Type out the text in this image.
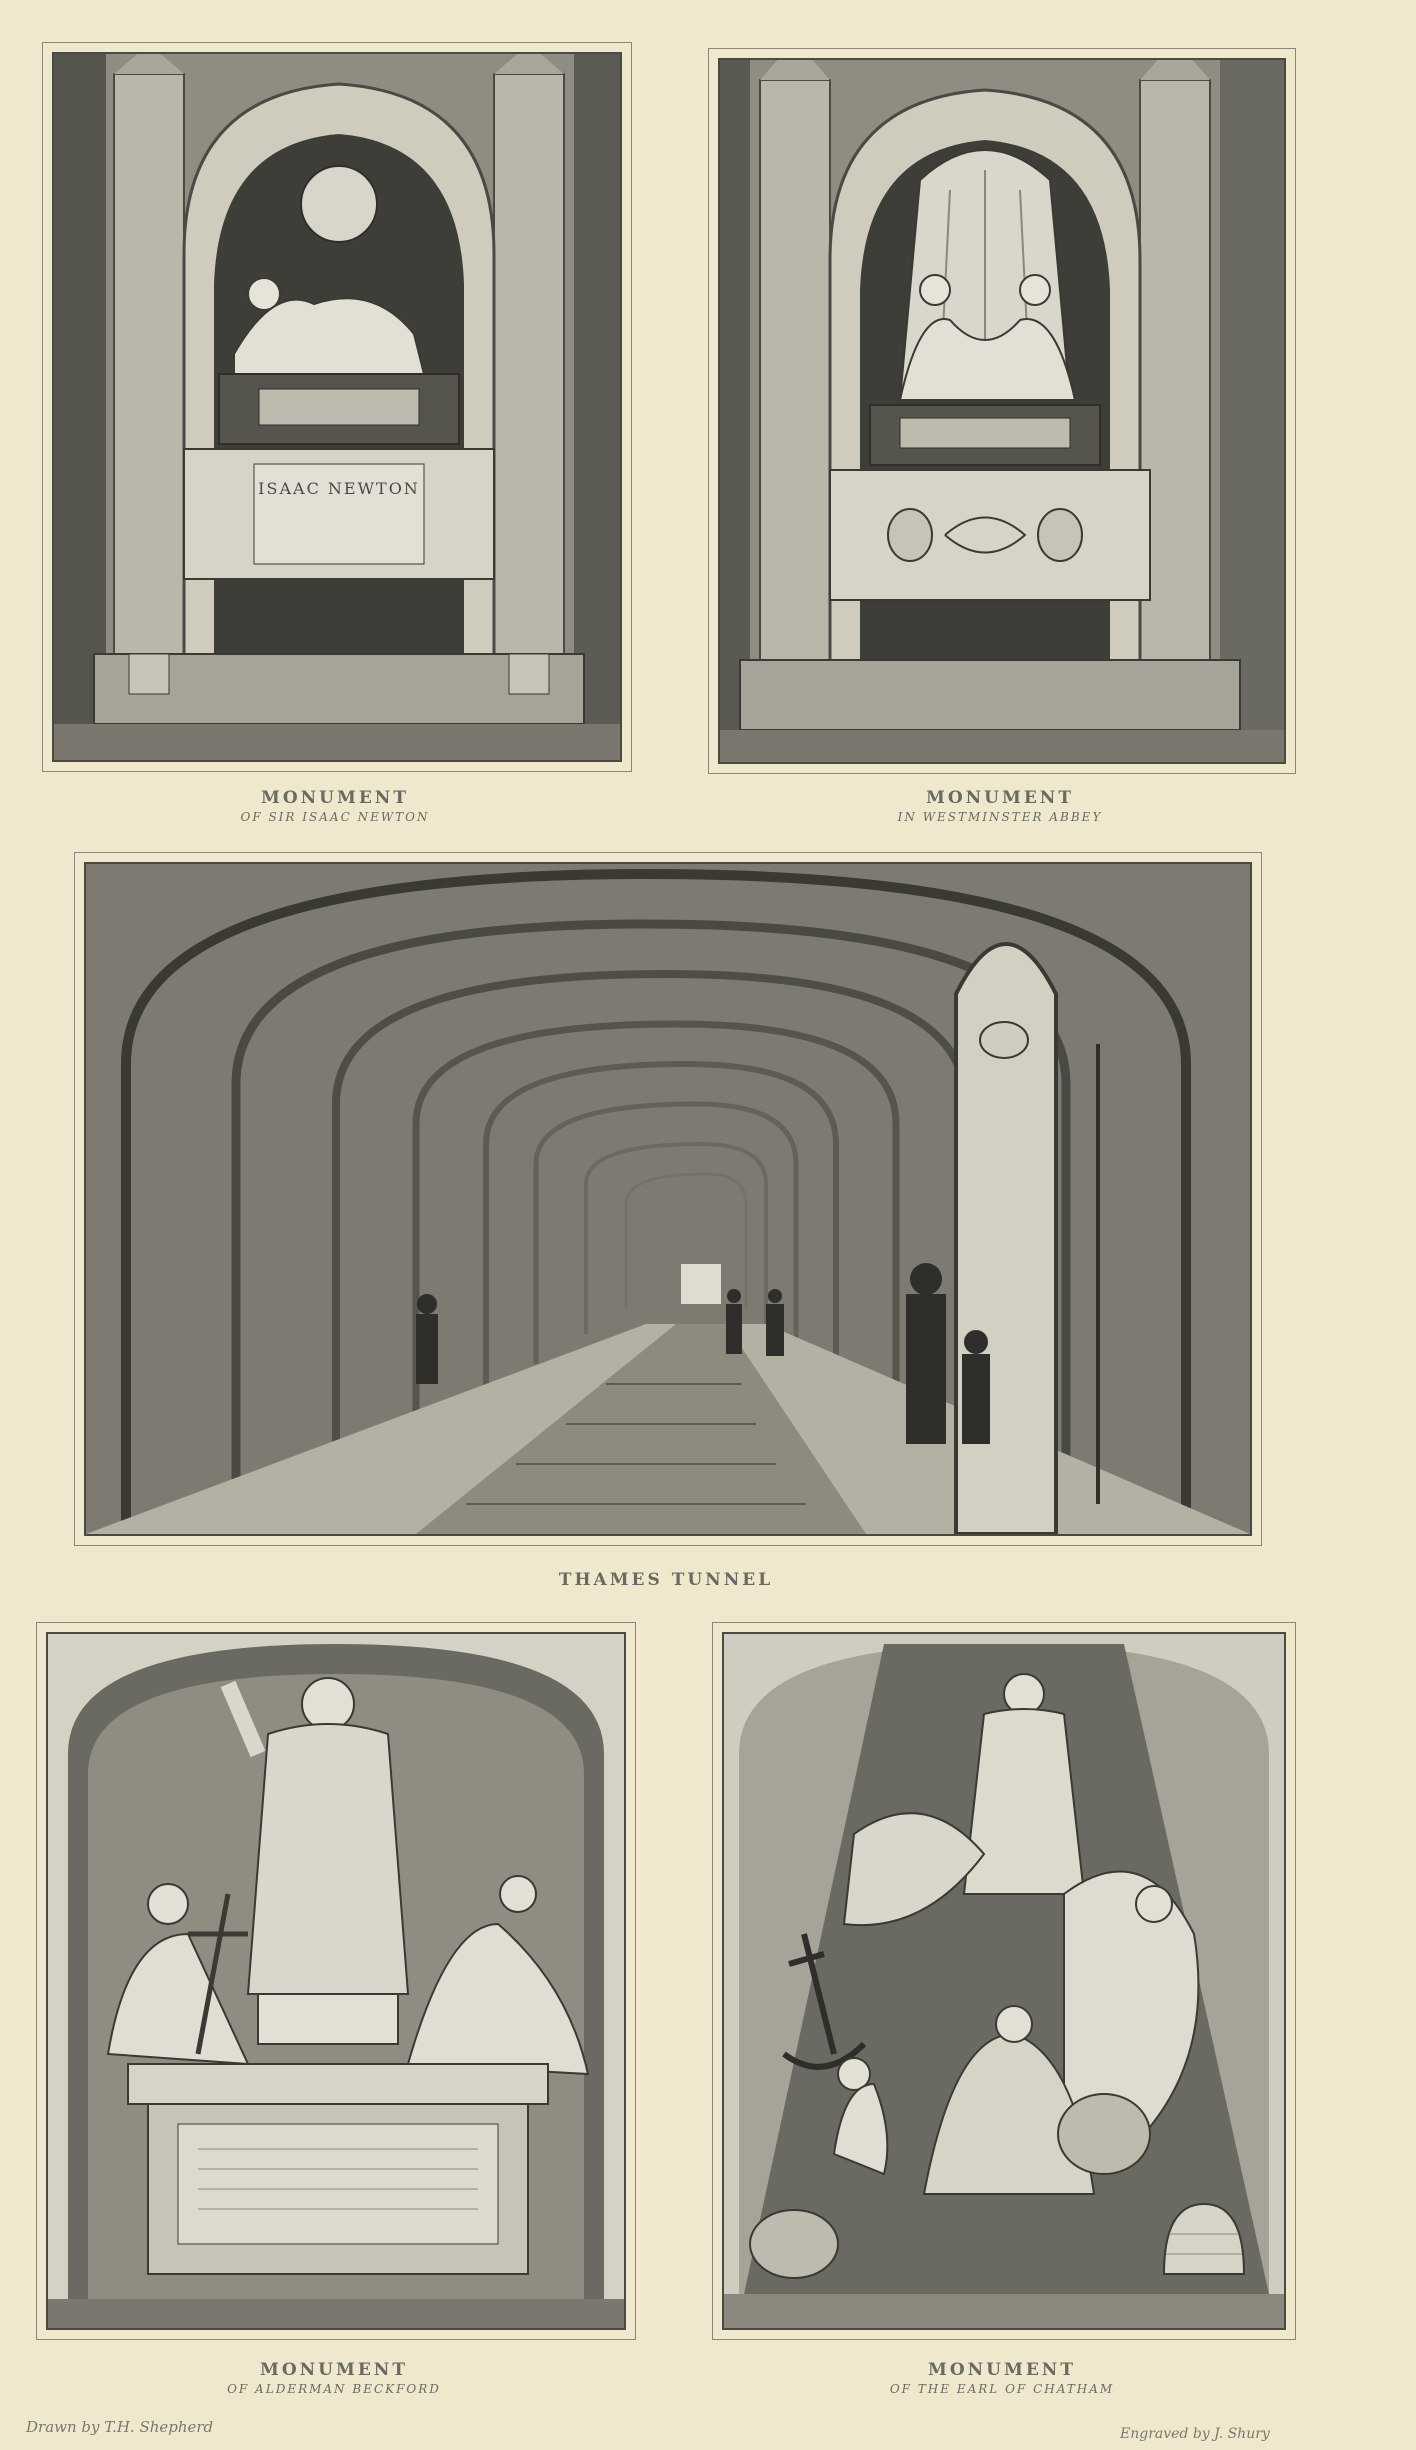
ISAAC NEWTON
MONUMENT
OF SIR ISAAC NEWTON
MONUMENT
IN WESTMINSTER ABBEY
THAMES TUNNEL
MONUMENT
OF ALDERMAN BECKFORD
MONUMENT
OF THE EARL OF CHATHAM
Drawn by T.H. Shepherd	Engraved by J. Shury
